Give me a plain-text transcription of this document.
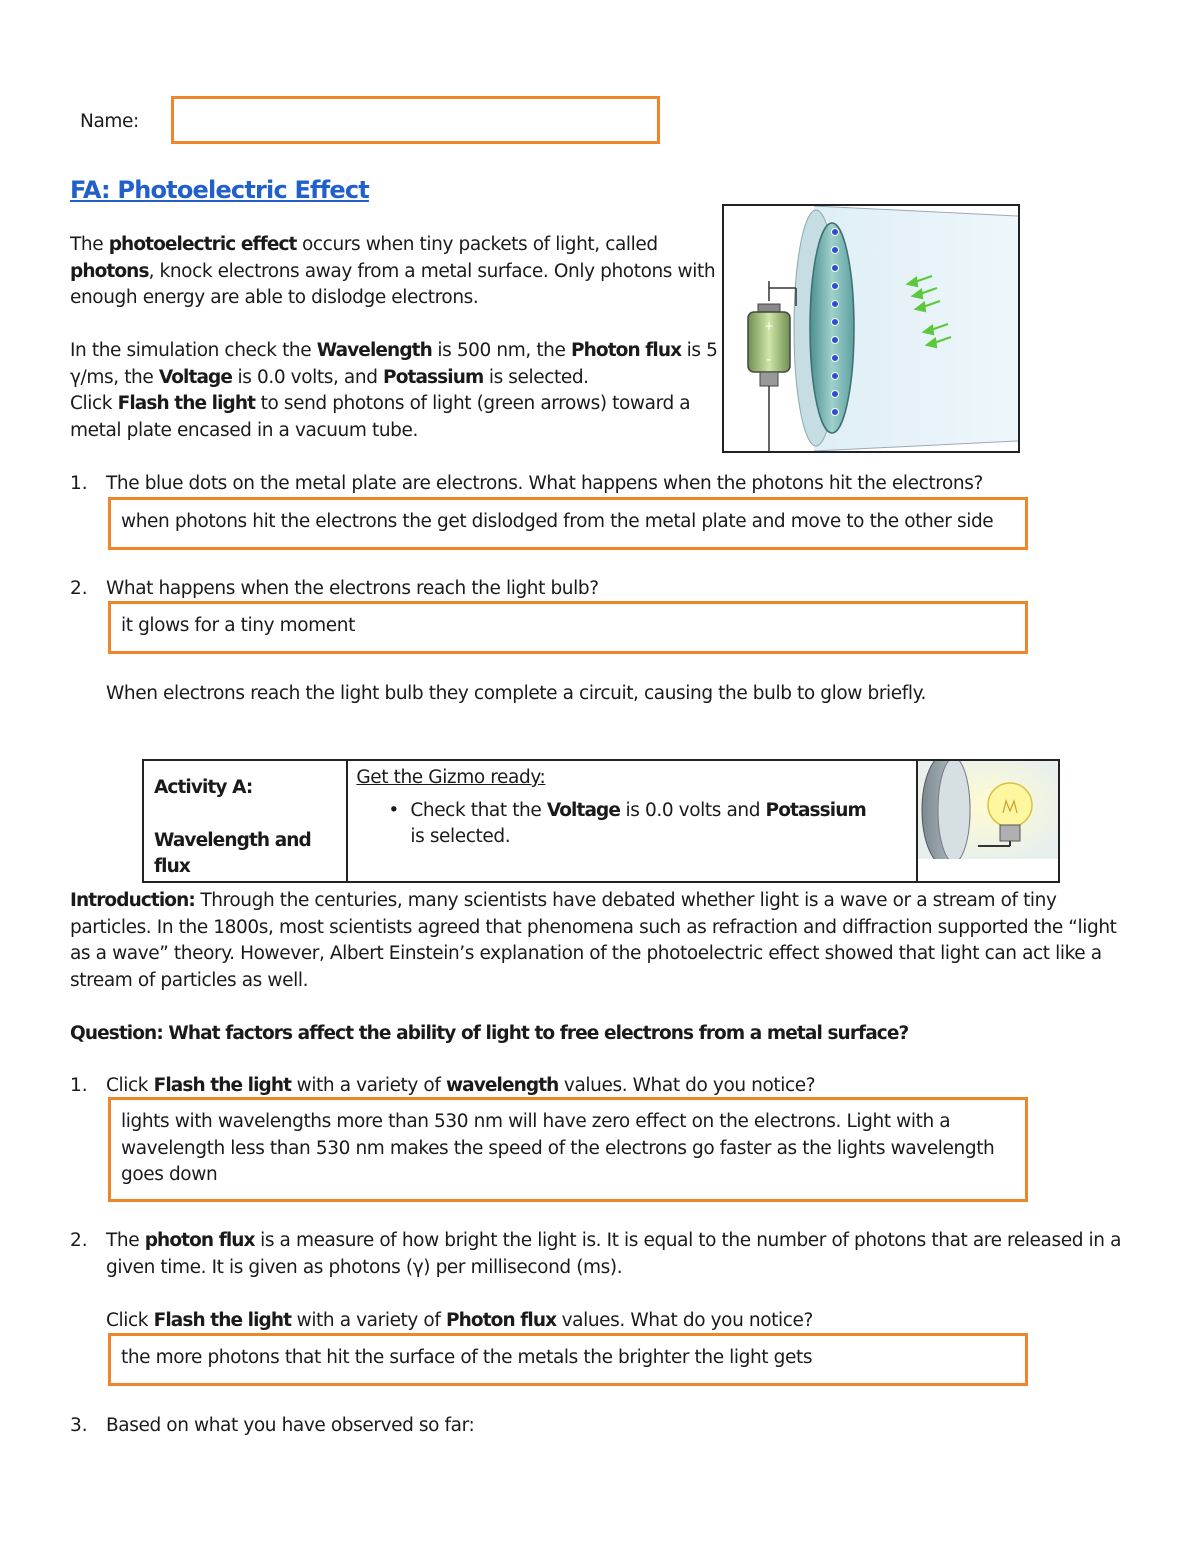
Name:
FA: Photoelectric Effect
The photoelectric effect occurs when tiny packets of light, called
photons, knock electrons away from a metal surface. Only photons with enough energy are able to dislodge electrons.
In the simulation check the Wavelength is 500 nm, the Photon flux is 5 γ/ms, the Voltage is 0.0 volts, and Potassium is selected.
Click Flash the light to send photons of light (green arrows) toward a metal plate encased in a vacuum tube.
+
-
1. The blue dots on the metal plate are electrons. What happens when the photons hit the electrons?
when photons hit the electrons the get dislodged from the metal plate and move to the other side
2. What happens when the electrons reach the light bulb?
it glows for a tiny moment
When electrons reach the light bulb they complete a circuit, causing the bulb to glow briefly.
Activity A:
Wavelength and flux

Get the Gizmo ready:
• Check that the Voltage is 0.0 volts and Potassium is selected.

Introduction: Through the centuries, many scientists have debated whether light is a wave or a stream of tiny particles. In the 1800s, most scientists agreed that phenomena such as refraction and diffraction supported the “light as a wave” theory. However, Albert Einstein’s explanation of the photoelectric effect showed that light can act like a stream of particles as well.
Question: What factors affect the ability of light to free electrons from a metal surface?
1. Click Flash the light with a variety of wavelength values. What do you notice?
lights with wavelengths more than 530 nm will have zero effect on the electrons. Light with a wavelength less than 530 nm makes the speed of the electrons go faster as the lights wavelength goes down
2. The photon flux is a measure of how bright the light is. It is equal to the number of photons that are released in a given time. It is given as photons (γ) per millisecond (ms).
Click Flash the light with a variety of Photon flux values. What do you notice?
the more photons that hit the surface of the metals the brighter the light gets
3. Based on what you have observed so far:
